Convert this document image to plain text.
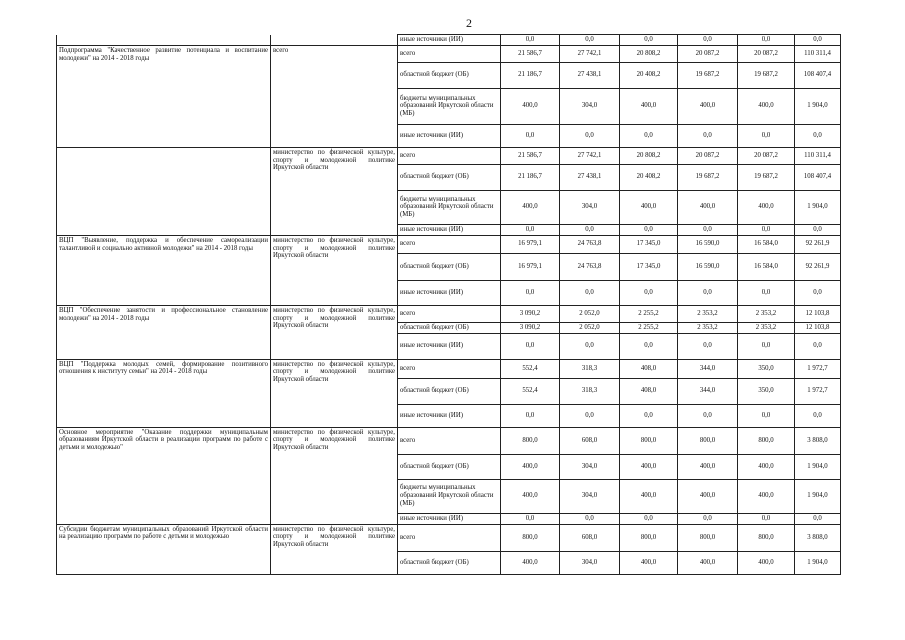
2
		иные источники (ИИ)	0,0	0,0	0,0	0,0	0,0	0,0
Подпрограмма "Качественное развитие потенциала и воспитание молодежи" на 2014 - 2018 годы	всего	всего	21 586,7	27 742,1	20 808,2	20 087,2	20 087,2	110 311,4
		областной бюджет (ОБ)	21 186,7	27 438,1	20 408,2	19 687,2	19 687,2	108 407,4
		бюджеты муниципальных образований Иркутской области (МБ)	400,0	304,0	400,0	400,0	400,0	1 904,0
		иные источники (ИИ)	0,0	0,0	0,0	0,0	0,0	0,0
	министерство по физической культуре, спорту и молодежной политике Иркутской области	всего	21 586,7	27 742,1	20 808,2	20 087,2	20 087,2	110 311,4
		областной бюджет (ОБ)	21 186,7	27 438,1	20 408,2	19 687,2	19 687,2	108 407,4
		бюджеты муниципальных образований Иркутской области (МБ)	400,0	304,0	400,0	400,0	400,0	1 904,0
		иные источники (ИИ)	0,0	0,0	0,0	0,0	0,0	0,0
ВЦП "Выявление, поддержка и обеспечение самореализации талантливой и социально активной молодежи" на 2014 - 2018 годы	министерство по физической культуре, спорту и молодежной политике Иркутской области	всего	16 979,1	24 763,8	17 345,0	16 590,0	16 584,0	92 261,9
		областной бюджет (ОБ)	16 979,1	24 763,8	17 345,0	16 590,0	16 584,0	92 261,9
		иные источники (ИИ)	0,0	0,0	0,0	0,0	0,0	0,0
ВЦП "Обеспечение занятости и профессиональное становление молодежи" на 2014 - 2018 годы	министерство по физической культуре, спорту и молодежной политике Иркутской области	всего	3 090,2	2 052,0	2 255,2	2 353,2	2 353,2	12 103,8
		областной бюджет (ОБ)	3 090,2	2 052,0	2 255,2	2 353,2	2 353,2	12 103,8
		иные источники (ИИ)	0,0	0,0	0,0	0,0	0,0	0,0
ВЦП "Поддержка молодых семей, формирование позитивного отношения к институту семьи" на 2014 - 2018 годы	министерство по физической культуре, спорту и молодежной политике Иркутской области	всего	552,4	318,3	408,0	344,0	350,0	1 972,7
		областной бюджет (ОБ)	552,4	318,3	408,0	344,0	350,0	1 972,7
		иные источники (ИИ)	0,0	0,0	0,0	0,0	0,0	0,0
Основное мероприятие "Оказание поддержки муниципальным образованиям Иркутской области в реализации программ по работе с детьми и молодежью"	министерство по физической культуре, спорту и молодежной политике Иркутской области	всего	800,0	608,0	800,0	800,0	800,0	3 808,0
		областной бюджет (ОБ)	400,0	304,0	400,0	400,0	400,0	1 904,0
		бюджеты муниципальных образований Иркутской области (МБ)	400,0	304,0	400,0	400,0	400,0	1 904,0
		иные источники (ИИ)	0,0	0,0	0,0	0,0	0,0	0,0
Субсидии бюджетам муниципальных образований Иркутской области на реализацию программ по работе с детьми и молодежью	министерство по физической культуре, спорту и молодежной политике Иркутской области	всего	800,0	608,0	800,0	800,0	800,0	3 808,0
		областной бюджет (ОБ)	400,0	304,0	400,0	400,0	400,0	1 904,0
